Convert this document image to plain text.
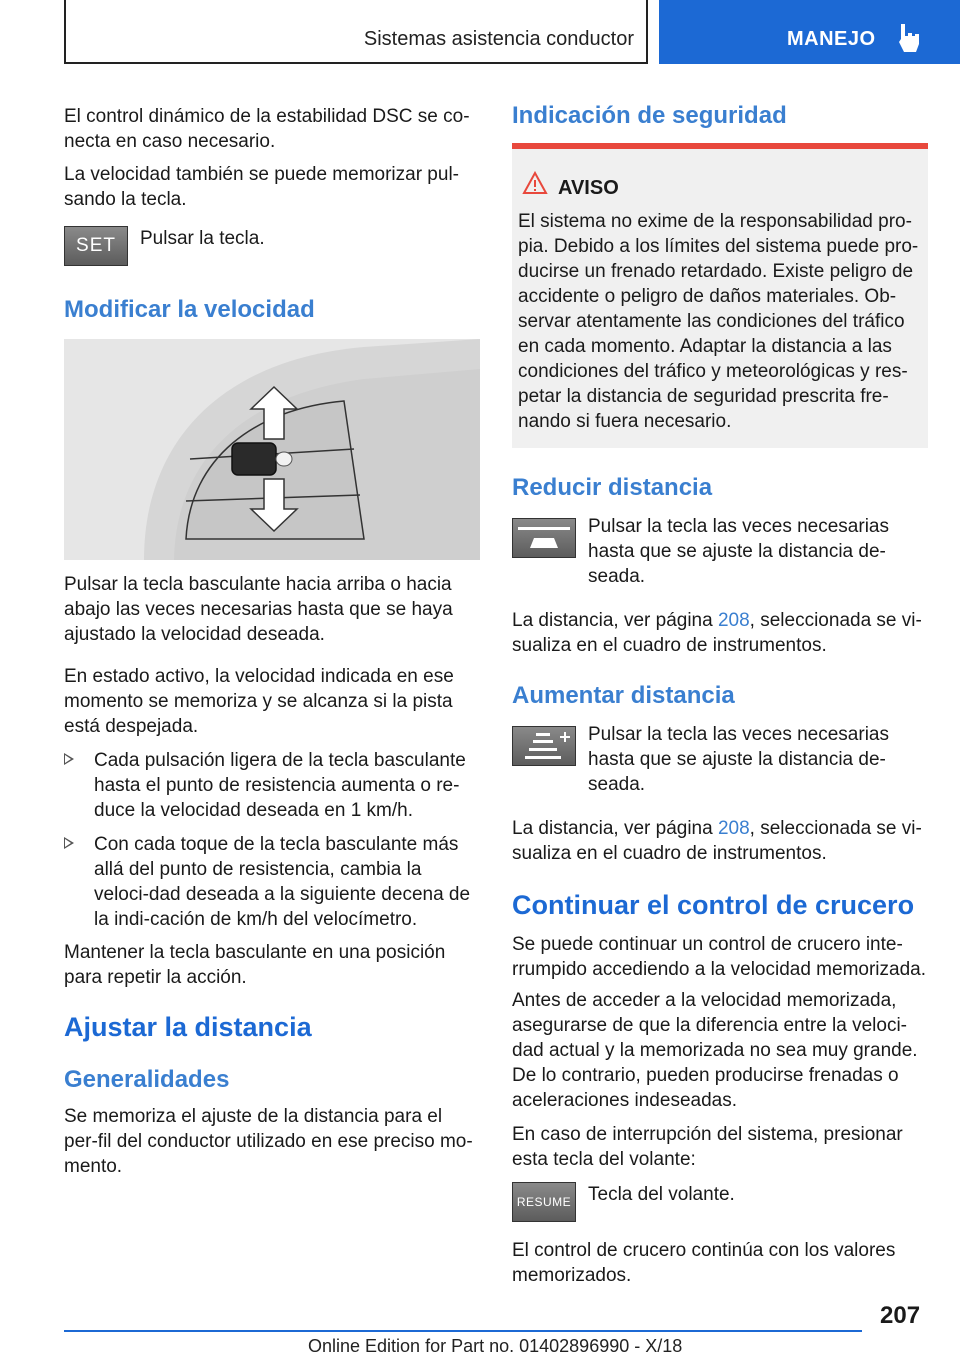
Sistemas asistencia conductor	MANEJO

El control dinámico de la estabilidad DSC se co-necta en caso necesario.

La velocidad también se puede memorizar pul-sando la tecla.

SET Pulsar la tecla.

Modificar la velocidad

Pulsar la tecla basculante hacia arriba o hacia abajo las veces necesarias hasta que se haya ajustado la velocidad deseada.

En estado activo, la velocidad indicada en ese momento se memoriza y se alcanza si la pista está despejada.

Cada pulsación ligera de la tecla basculante hasta el punto de resistencia aumenta o re-duce la velocidad deseada en 1 km/h.

Con cada toque de la tecla basculante más allá del punto de resistencia, cambia la veloci-dad deseada a la siguiente decena de la indi-cación de km/h del velocímetro.

Mantener la tecla basculante en una posición para repetir la acción.

Ajustar la distancia
Generalidades

Se memoriza el ajuste de la distancia para el per-fil del conductor utilizado en ese preciso mo-mento.

Indicación de seguridad
AVISO

El sistema no exime de la responsabilidad pro-pia. Debido a los límites del sistema puede pro-ducirse un frenado retardado. Existe peligro de accidente o peligro de daños materiales. Ob-servar atentamente las condiciones del tráfico en cada momento. Adaptar la distancia a las condiciones del tráfico y meteorológicas y res-petar la distancia de seguridad prescrita fre-nando si fuera necesario.

Reducir distancia

Pulsar la tecla las veces necesarias hasta que se ajuste la distancia de-seada.

La distancia, ver página 208, seleccionada se vi-sualiza en el cuadro de instrumentos.

Aumentar distancia

Pulsar la tecla las veces necesarias hasta que se ajuste la distancia de-seada.

La distancia, ver página 208, seleccionada se vi-sualiza en el cuadro de instrumentos.

Continuar el control de crucero

Se puede continuar un control de crucero inte-rrumpido accediendo a la velocidad memorizada.

Antes de acceder a la velocidad memorizada, asegurarse de que la diferencia entre la veloci-dad actual y la memorizada no sea muy grande. De lo contrario, pueden producirse frenadas o aceleraciones indeseadas.

En caso de interrupción del sistema, presionar esta tecla del volante:

RESUME Tecla del volante.

El control de crucero continúa con los valores memorizados.

207
Online Edition for Part no. 01402896990 - X/18
